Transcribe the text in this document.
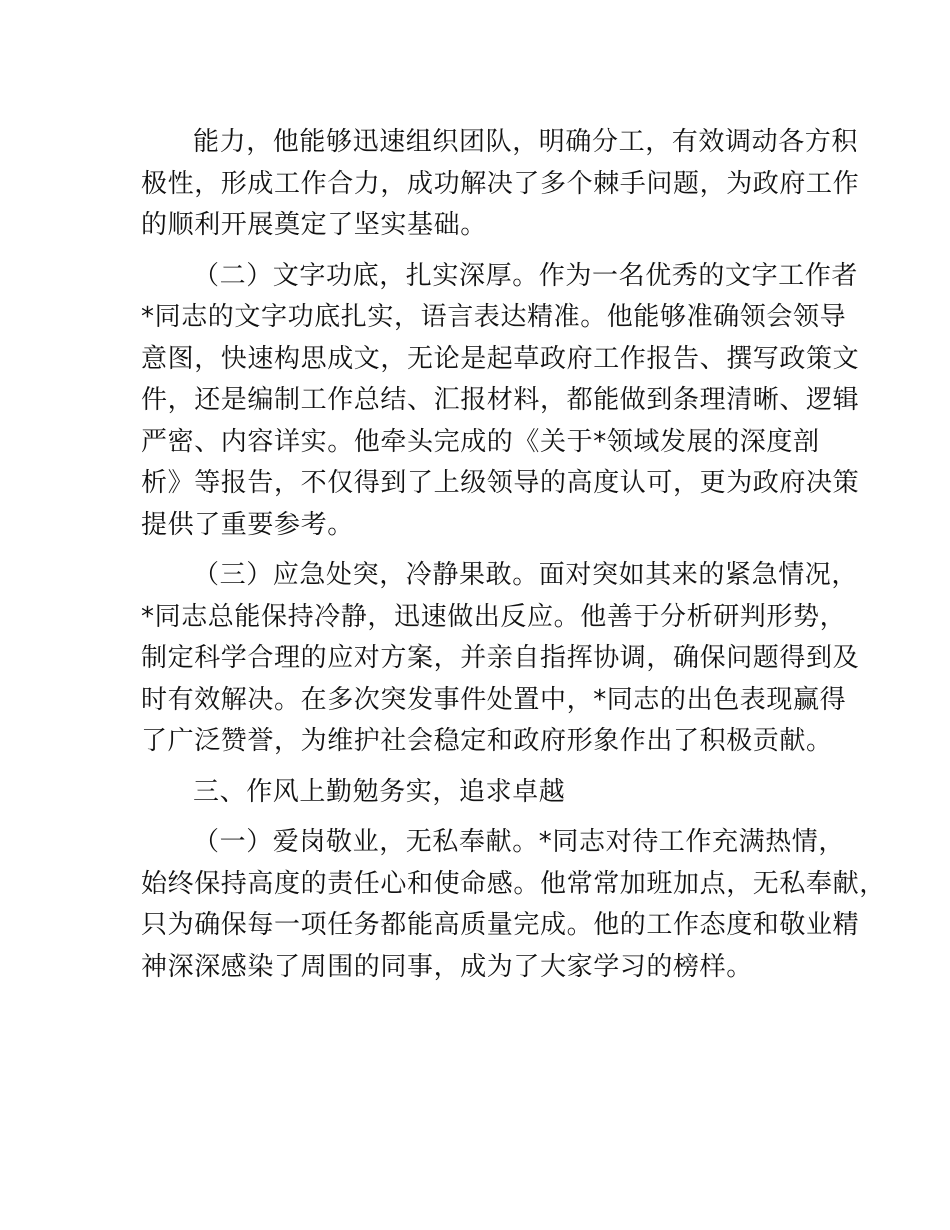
能力，他能够迅速组织团队，明确分工，有效调动各方积
极性，形成工作合力，成功解决了多个棘手问题，为政府工作
的顺利开展奠定了坚实基础。
（二）文字功底，扎实深厚。作为一名优秀的文字工作者
*同志的文字功底扎实，语言表达精准。他能够准确领会领导
意图，快速构思成文，无论是起草政府工作报告、撰写政策文
件，还是编制工作总结、汇报材料，都能做到条理清晰、逻辑
严密、内容详实。他牵头完成的《关于*领域发展的深度剖
析》等报告，不仅得到了上级领导的高度认可，更为政府决策
提供了重要参考。
（三）应急处突，冷静果敢。面对突如其来的紧急情况，
*同志总能保持冷静，迅速做出反应。他善于分析研判形势，
制定科学合理的应对方案，并亲自指挥协调，确保问题得到及
时有效解决。在多次突发事件处置中，*同志的出色表现赢得
了广泛赞誉，为维护社会稳定和政府形象作出了积极贡献。
三、作风上勤勉务实，追求卓越
（一）爱岗敬业，无私奉献。*同志对待工作充满热情，
始终保持高度的责任心和使命感。他常常加班加点，无私奉献，
只为确保每一项任务都能高质量完成。他的工作态度和敬业精
神深深感染了周围的同事，成为了大家学习的榜样。
